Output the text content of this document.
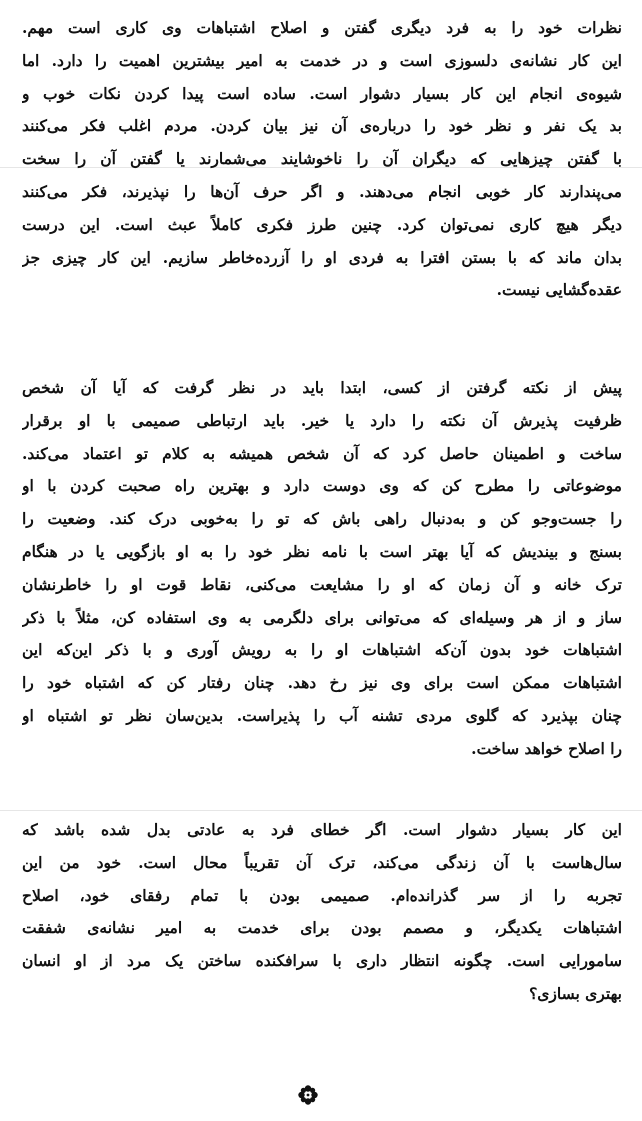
نظرات خود را به فرد دیگری گفتن و اصلاح اشتباهات وی کاری است مهم.
این کار نشانه‌ی دلسوزی است و در خدمت به امیر بیشترین اهمیت را دارد. اما
شیوه‌ی انجام این کار بسیار دشوار است. ساده است پیدا کردن نکات خوب و
بد یک نفر و نظر خود را درباره‌ی آن نیز بیان کردن. مردم اغلب فکر می‌کنند
با گفتن چیزهایی که دیگران آن را ناخوشایند می‌شمارند یا گفتن آن را سخت
می‌پندارند کار خوبی انجام می‌دهند. و اگر حرف آن‌ها را نپذیرند، فکر می‌کنند
دیگر هیچ کاری نمی‌توان کرد. چنین طرز فکری کاملاً عبث است. این درست
بدان ماند که با بستن افترا به فردی او را آزرده‌خاطر سازیم. این کار چیزی جز
عقده‌گشایی نیست.
پیش از نکته گرفتن از کسی، ابتدا باید در نظر گرفت که آیا آن شخص
ظرفیت پذیرش آن نکته را دارد یا خیر. باید ارتباطی صمیمی با او برقرار
ساخت و اطمینان حاصل کرد که آن شخص همیشه به کلام تو اعتماد می‌کند.
موضوعاتی را مطرح کن که وی دوست دارد و بهترین راه صحبت کردن با او
را جست‌وجو کن و به‌دنبال راهی باش که تو را به‌خوبی درک کند. وضعیت را
بسنج و بیندیش که آیا بهتر است با نامه نظر خود را به او بازگویی یا در هنگام
ترک خانه و آن زمان که او را مشایعت می‌کنی، نقاط قوت او را خاطرنشان
ساز و از هر وسیله‌ای که می‌توانی برای دلگرمی به وی استفاده کن، مثلاً با ذکر
اشتباهات خود بدون آن‌که اشتباهات او را به رویش آوری و با ذکر این‌که این
اشتباهات ممکن است برای وی نیز رخ دهد. چنان رفتار کن که اشتباه خود را
چنان بپذیرد که گلوی مردی تشنه آب را پذیراست. بدین‌سان نظر تو اشتباه او
را اصلاح خواهد ساخت.
این کار بسیار دشوار است. اگر خطای فرد به عادتی بدل شده باشد که
سال‌هاست با آن زندگی می‌کند، ترک آن تقریباً محال است. خود من این
تجربه را از سر گذرانده‌ام. صمیمی بودن با تمام رفقای خود، اصلاح
اشتباهات یکدیگر، و مصمم بودن برای خدمت به امیر نشانه‌ی شفقت
سامورایی است. چگونه انتظار داری با سرافکنده ساختن یک مرد از او انسان
بهتری بسازی؟
